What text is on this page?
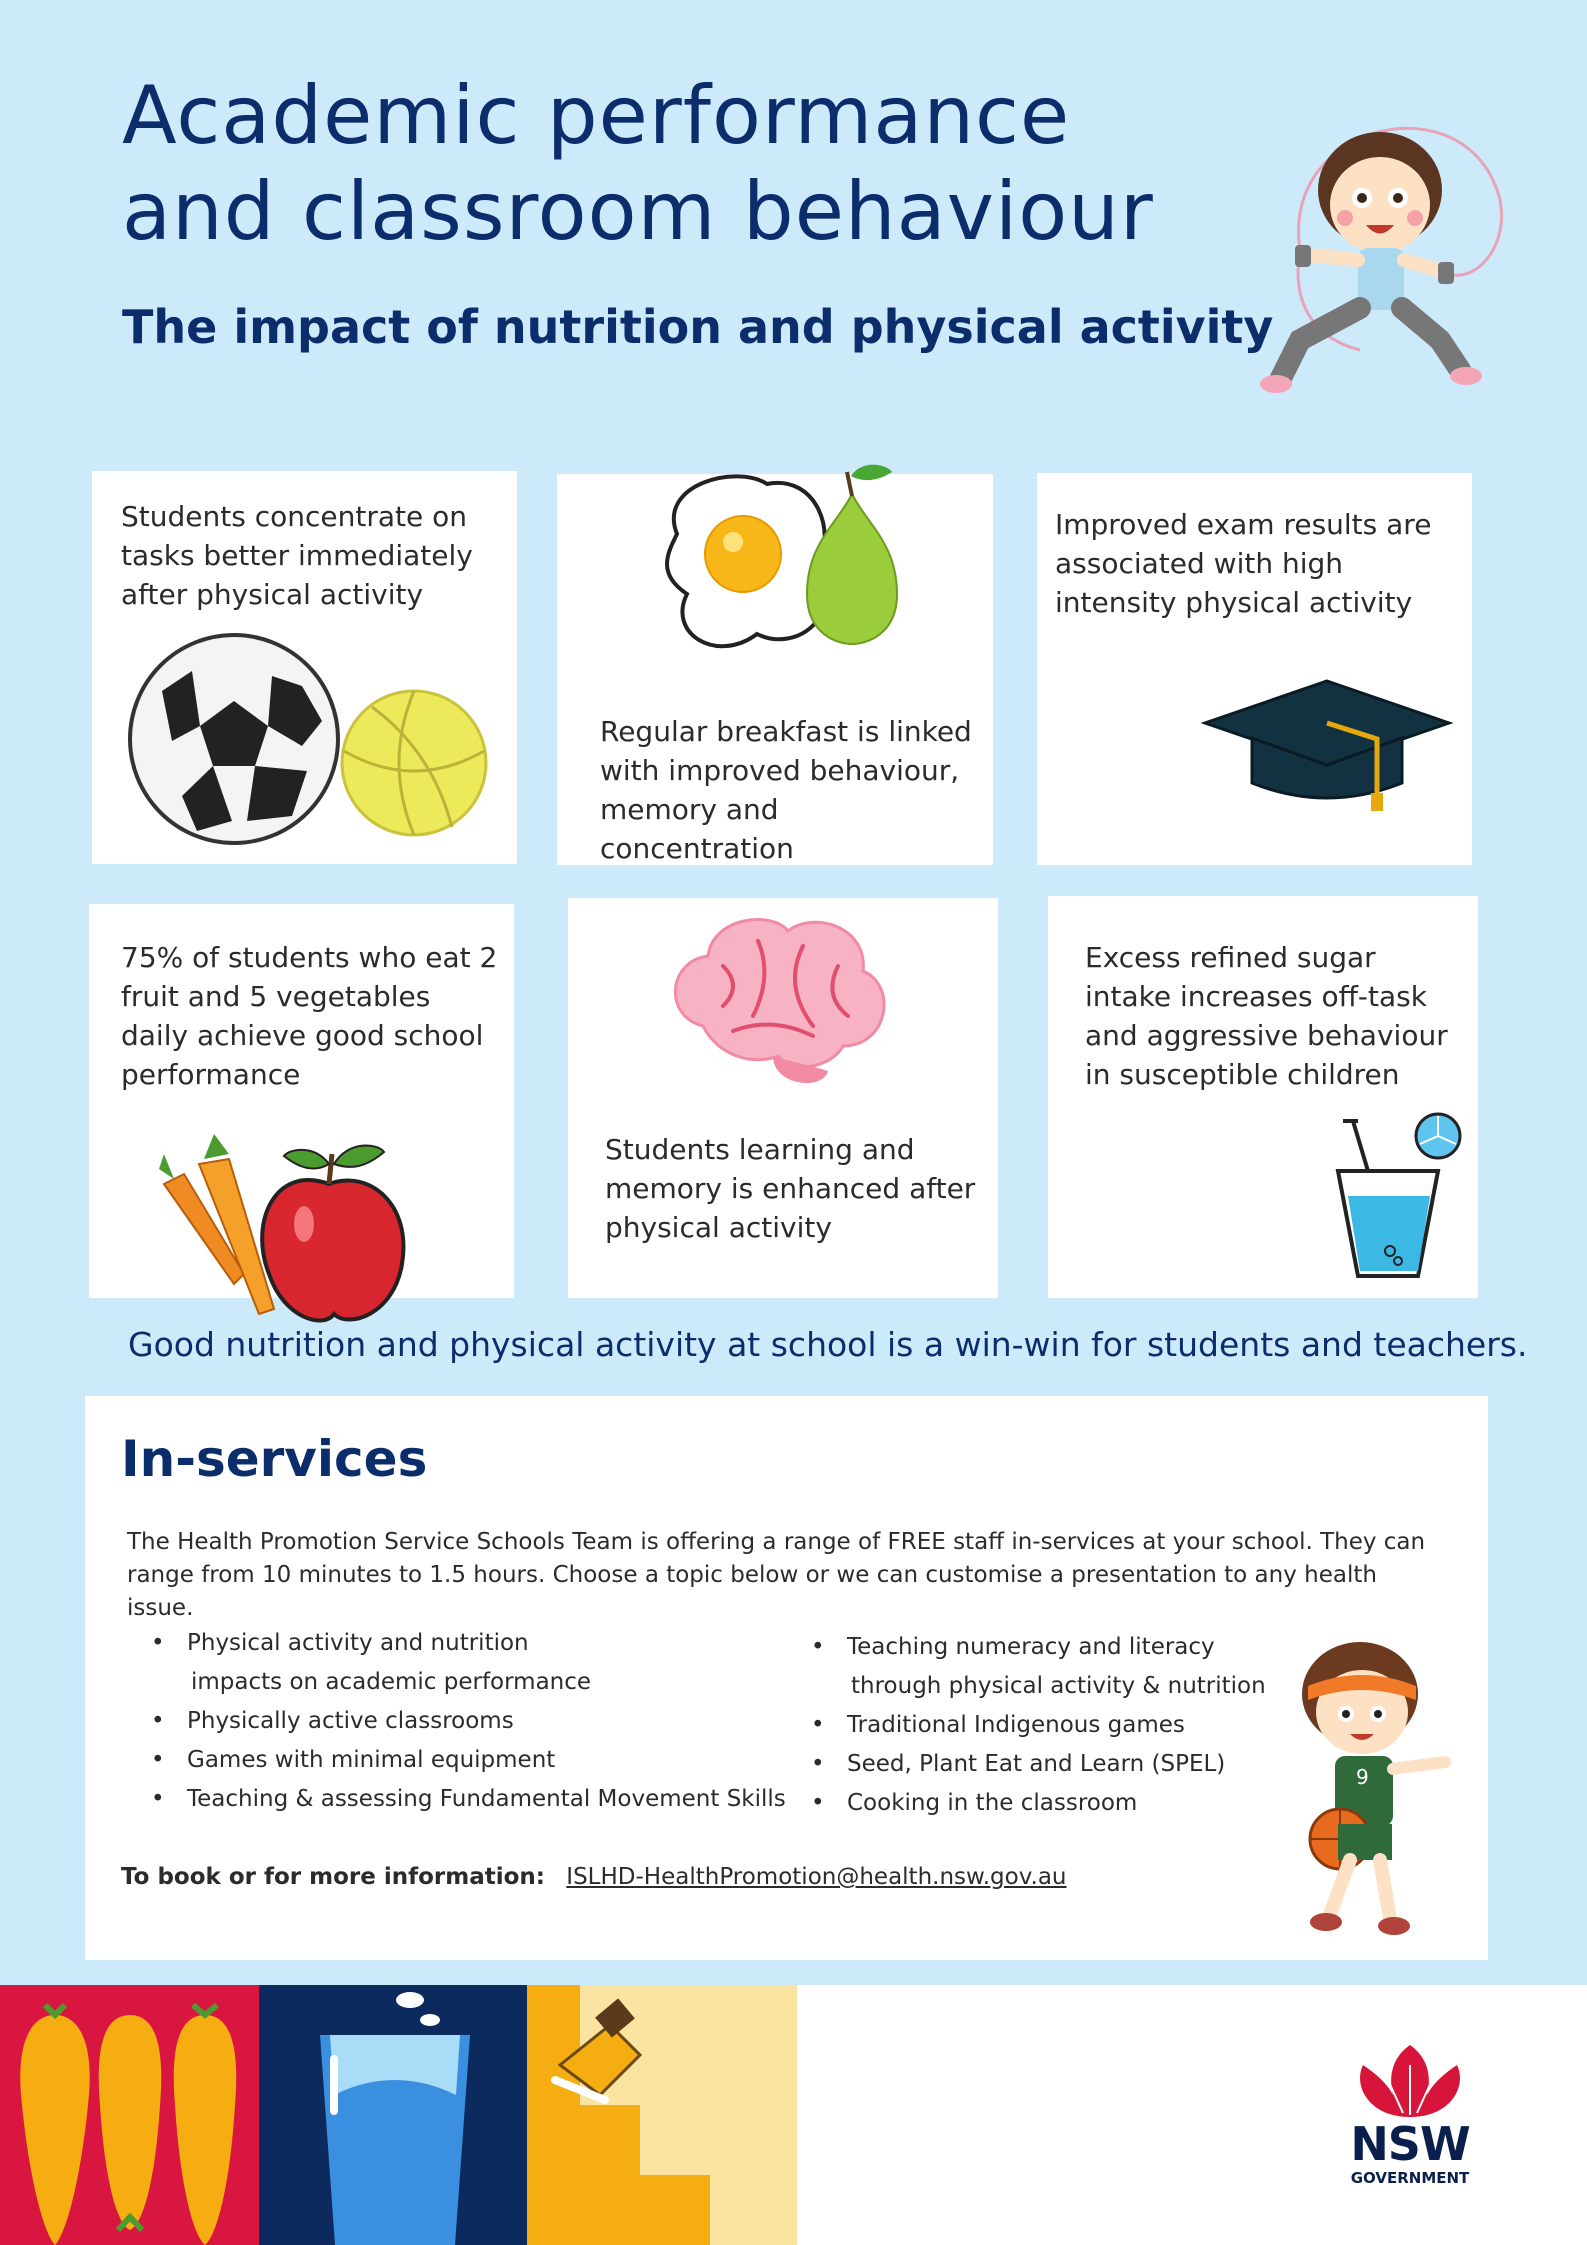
Academic performance
and classroom behaviour
The impact of nutrition and physical activity

Students concentrate on tasks better immediately after physical activity

Regular breakfast is linked with improved behaviour, memory and concentration

Improved exam results are associated with high intensity physical activity

75% of students who eat 2 fruit and 5 vegetables daily achieve good school performance

Students learning and memory is enhanced after physical activity

Excess refined sugar intake increases off-task and aggressive behaviour in susceptible children

Good nutrition and physical activity at school is a win-win for students and teachers.
In-services

The Health Promotion Service Schools Team is offering a range of FREE staff in-services at your school. They can range from 10 minutes to 1.5 hours. Choose a topic below or we can customise a presentation to any health issue.

• Physical activity and nutrition
impacts on academic performance
• Physically active classrooms
• Games with minimal equipment
• Teaching & assessing Fundamental Movement Skills
• Teaching numeracy and literacy
through physical activity & nutrition
• Traditional Indigenous games
• Seed, Plant Eat and Learn (SPEL)
• Cooking in the classroom
9
To book or for more information: ISLHD-HealthPromotion@health.nsw.gov.au
NSW
GOVERNMENT
